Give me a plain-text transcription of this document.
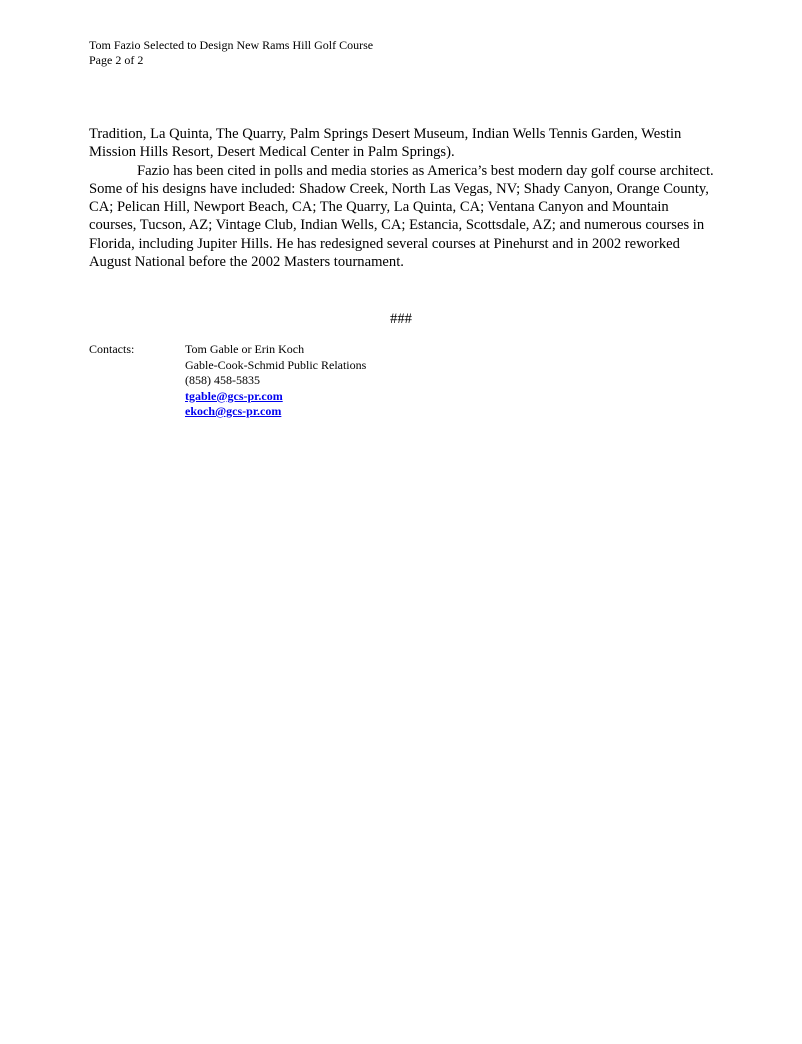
Tom Fazio Selected to Design New Rams Hill Golf Course
Page 2 of 2

Tradition, La Quinta, The Quarry, Palm Springs Desert Museum, Indian Wells Tennis Garden, Westin Mission Hills Resort, Desert Medical Center in Palm Springs).

Fazio has been cited in polls and media stories as America’s best modern day golf course architect. Some of his designs have included: Shadow Creek, North Las Vegas, NV; Shady Canyon, Orange County, CA; Pelican Hill, Newport Beach, CA; The Quarry, La Quinta, CA; Ventana Canyon and Mountain courses, Tucson, AZ; Vintage Club, Indian Wells, CA; Estancia, Scottsdale, AZ; and numerous courses in Florida, including Jupiter Hills. He has redesigned several courses at Pinehurst and in 2002 reworked August National before the 2002 Masters tournament.

###
Contacts:	Tom Gable or Erin Koch
Gable-Cook-Schmid Public Relations
(858) 458-5835
tgable@gcs-pr.com
ekoch@gcs-pr.com
